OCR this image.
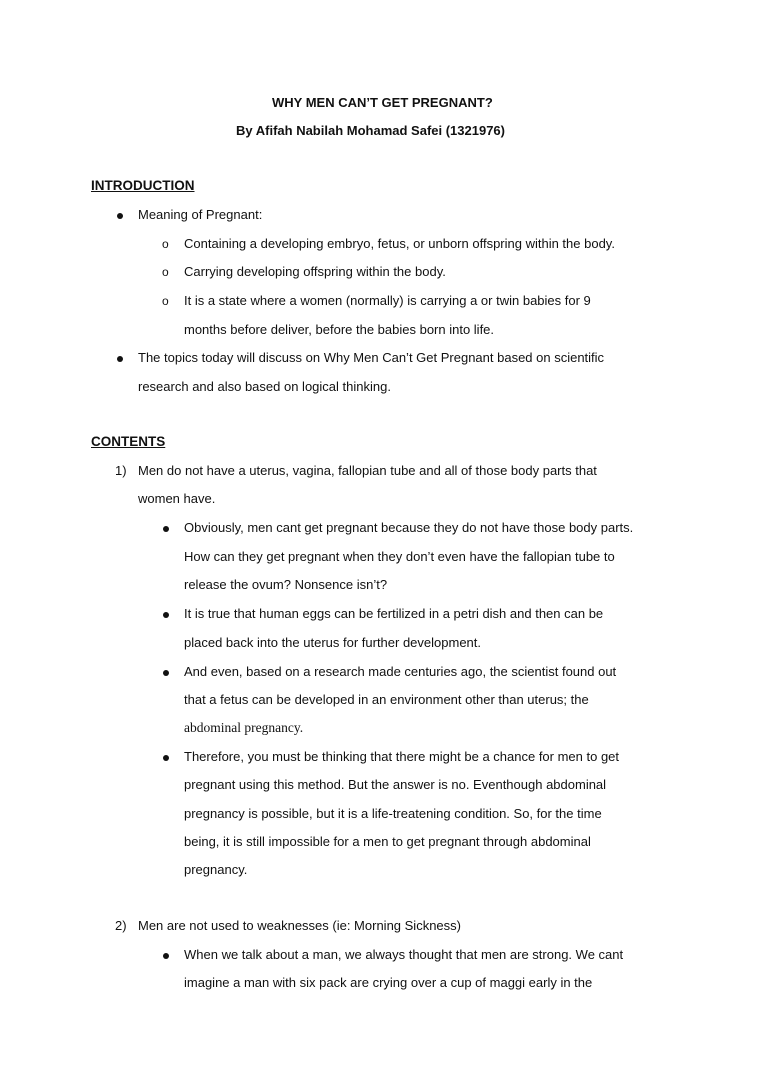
WHY MEN CAN’T GET PREGNANT?
By Afifah Nabilah Mohamad Safei (1321976)
INTRODUCTION
Meaning of Pregnant:
o Containing a developing embryo, fetus, or unborn offspring within the body.
o Carrying developing offspring within the body.
o It is a state where a women (normally) is carrying a or twin babies for 9
months before deliver, before the babies born into life.
The topics today will discuss on Why Men Can’t Get Pregnant based on scientific
research and also based on logical thinking.
CONTENTS
1) Men do not have a uterus, vagina, fallopian tube and all of those body parts that
women have.
Obviously, men cant get pregnant because they do not have those body parts.
How can they get pregnant when they don’t even have the fallopian tube to
release the ovum? Nonsence isn’t?
It is true that human eggs can be fertilized in a petri dish and then can be
placed back into the uterus for further development.
And even, based on a research made centuries ago, the scientist found out
that a fetus can be developed in an environment other than uterus; the
abdominal pregnancy.
Therefore, you must be thinking that there might be a chance for men to get
pregnant using this method. But the answer is no. Eventhough abdominal
pregnancy is possible, but it is a life-treatening condition. So, for the time
being, it is still impossible for a men to get pregnant through abdominal
pregnancy.
2) Men are not used to weaknesses (ie: Morning Sickness)
When we talk about a man, we always thought that men are strong. We cant
imagine a man with six pack are crying over a cup of maggi early in the
